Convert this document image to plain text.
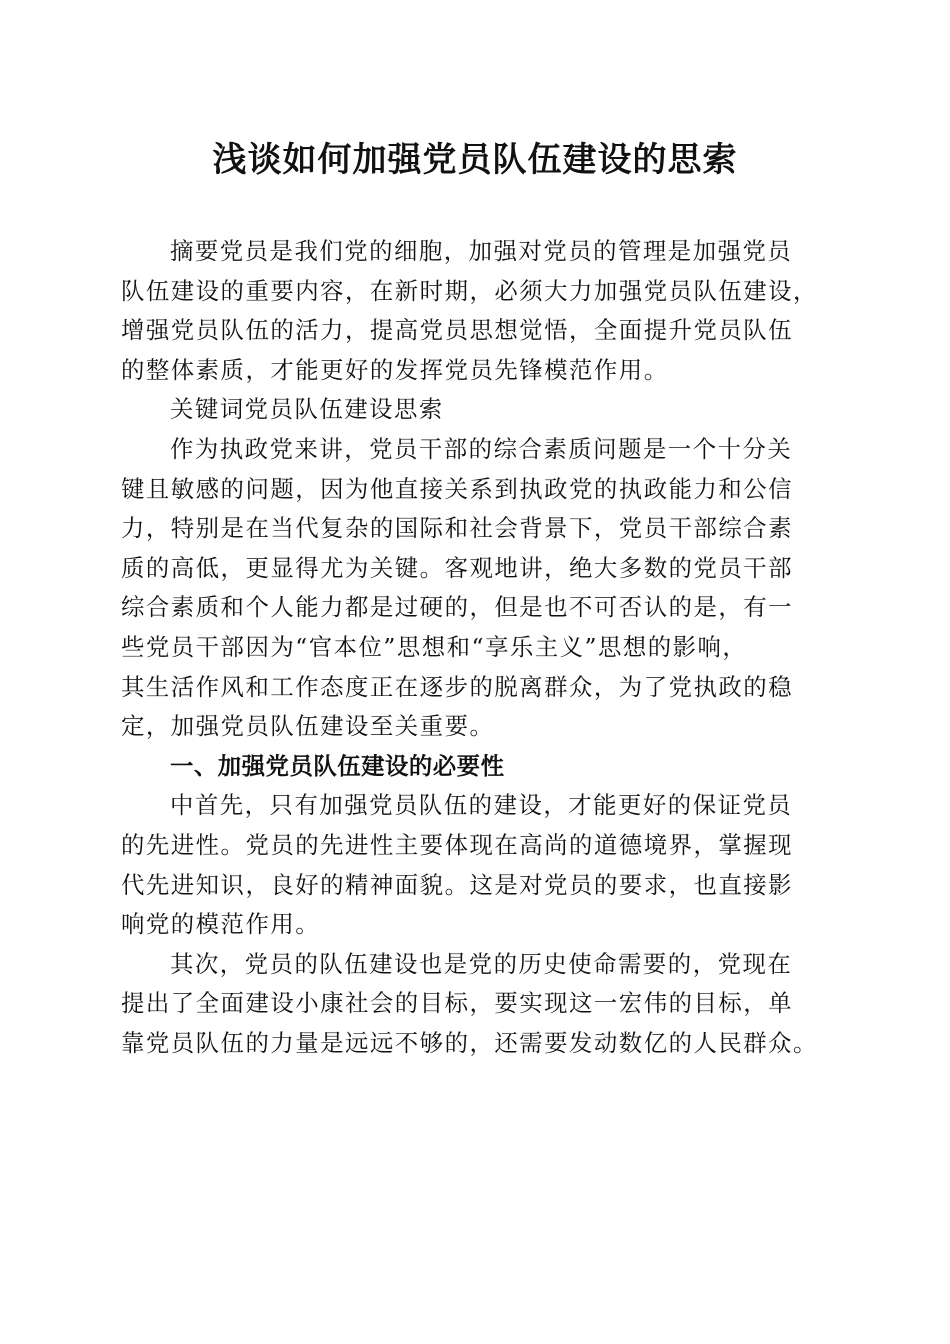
浅谈如何加强党员队伍建设的思索
摘要党员是我们党的细胞，加强对党员的管理是加强党员
队伍建设的重要内容，在新时期，必须大力加强党员队伍建设，
增强党员队伍的活力，提高党员思想觉悟，全面提升党员队伍
的整体素质，才能更好的发挥党员先锋模范作用。
关键词党员队伍建设思索
作为执政党来讲，党员干部的综合素质问题是一个十分关
键且敏感的问题，因为他直接关系到执政党的执政能力和公信
力，特别是在当代复杂的国际和社会背景下，党员干部综合素
质的高低，更显得尤为关键。客观地讲，绝大多数的党员干部
综合素质和个人能力都是过硬的，但是也不可否认的是，有一
些党员干部因为“官本位”思想和“享乐主义”思想的影响，
其生活作风和工作态度正在逐步的脱离群众，为了党执政的稳
定，加强党员队伍建设至关重要。
一、加强党员队伍建设的必要性
中首先，只有加强党员队伍的建设，才能更好的保证党员
的先进性。党员的先进性主要体现在高尚的道德境界，掌握现
代先进知识，良好的精神面貌。这是对党员的要求，也直接影
响党的模范作用。
其次，党员的队伍建设也是党的历史使命需要的，党现在
提出了全面建设小康社会的目标，要实现这一宏伟的目标，单
靠党员队伍的力量是远远不够的，还需要发动数亿的人民群众。
